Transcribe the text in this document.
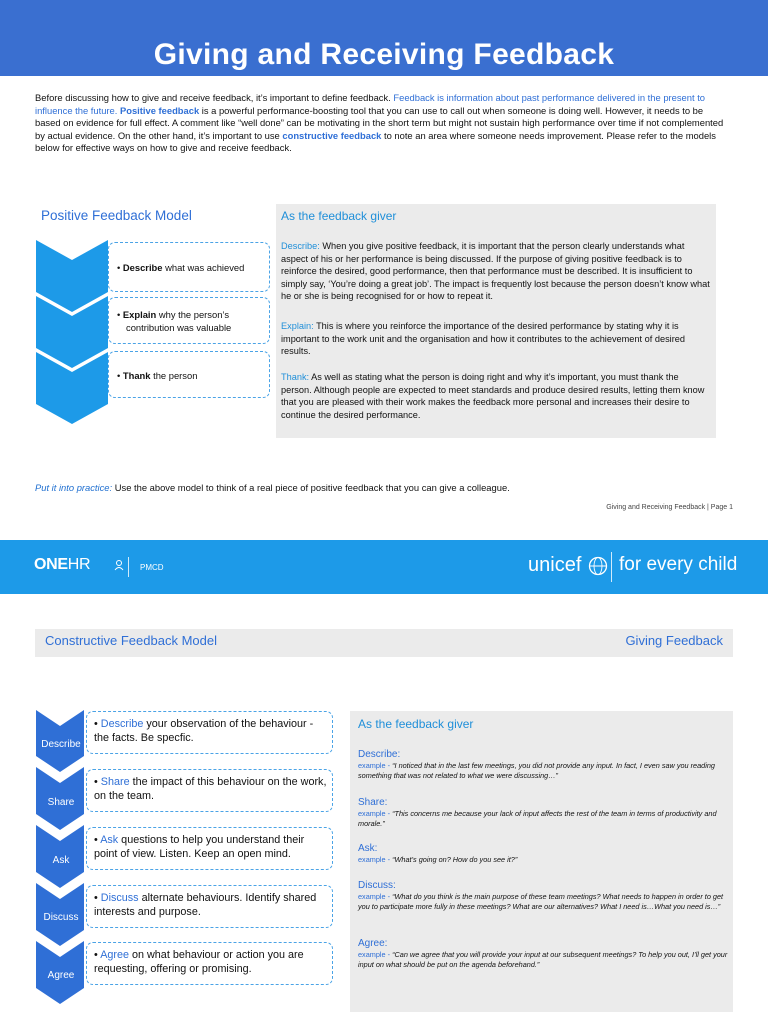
Giving and Receiving Feedback
Before discussing how to give and receive feedback, it’s important to define feedback. Feedback is information about past performance delivered in the present to influence the future. Positive feedback is a powerful performance-boosting tool that you can use to call out when someone is doing well. However, it needs to be based on evidence for full effect. A comment like “well done” can be motivating in the short term but might not sustain high performance over time if not complemented by actual evidence. On the other hand, it’s important to use constructive feedback to note an area where someone needs improvement. Please refer to the models below for effective ways on how to give and receive feedback.
Positive Feedback Model
• Describe what was achieved
• Explain why the person’s contribution was valuable
• Thank the person
As the feedback giver
Describe: When you give positive feedback, it is important that the person clearly understands what aspect of his or her performance is being discussed. If the purpose of giving positive feedback is to reinforce the desired, good performance, then that performance must be described. It is insufficient to simply say, ‘You’re doing a great job’. The impact is frequently lost because the person doesn’t know what he or she is being recognised for or how to repeat it.
Explain: This is where you reinforce the importance of the desired performance by stating why it is important to the work unit and the organisation and how it contributes to the achievement of desired results.
Thank: As well as stating what the person is doing right and why it’s important, you must thank the person. Although people are expected to meet standards and produce desired results, letting them know that you are pleased with their work makes the feedback more personal and increases their desire to continue the desired performance.
Put it into practice: Use the above model to think of a real piece of positive feedback that you can give a colleague.
Giving and Receiving Feedback | Page 1
ONEHR	PMCD	unicef for every child
Constructive Feedback Model	Giving Feedback
Describe
Share
Ask
Discuss
Agree
• Describe your observation of the behaviour - the facts. Be specfic.
• Share the impact of this behaviour on the work, on the team.
• Ask questions to help you understand their point of view. Listen. Keep an open mind.
• Discuss alternate behaviours. Identify shared interests and purpose.
• Agree on what behaviour or action you are requesting, offering or promising.
As the feedback giver
Describe:
example - “I noticed that in the last few meetings, you did not provide any input. In fact, I even saw you reading something that was not related to what we were discussing…”
Share:
example - “This concerns me because your lack of input affects the rest of the team in terms of productivity and morale.”
Ask:
example - “What’s going on? How do you see it?”
Discuss:
example - “What do you think is the main purpose of these team meetings? What needs to happen in order to get you to participate more fully in these meetings? What are our alternatives? What I need is…What you need is…”
Agree:
example - “Can we agree that you will provide your input at our subsequent meetings? To help you out, I’ll get your input on what should be put on the agenda beforehand.”
